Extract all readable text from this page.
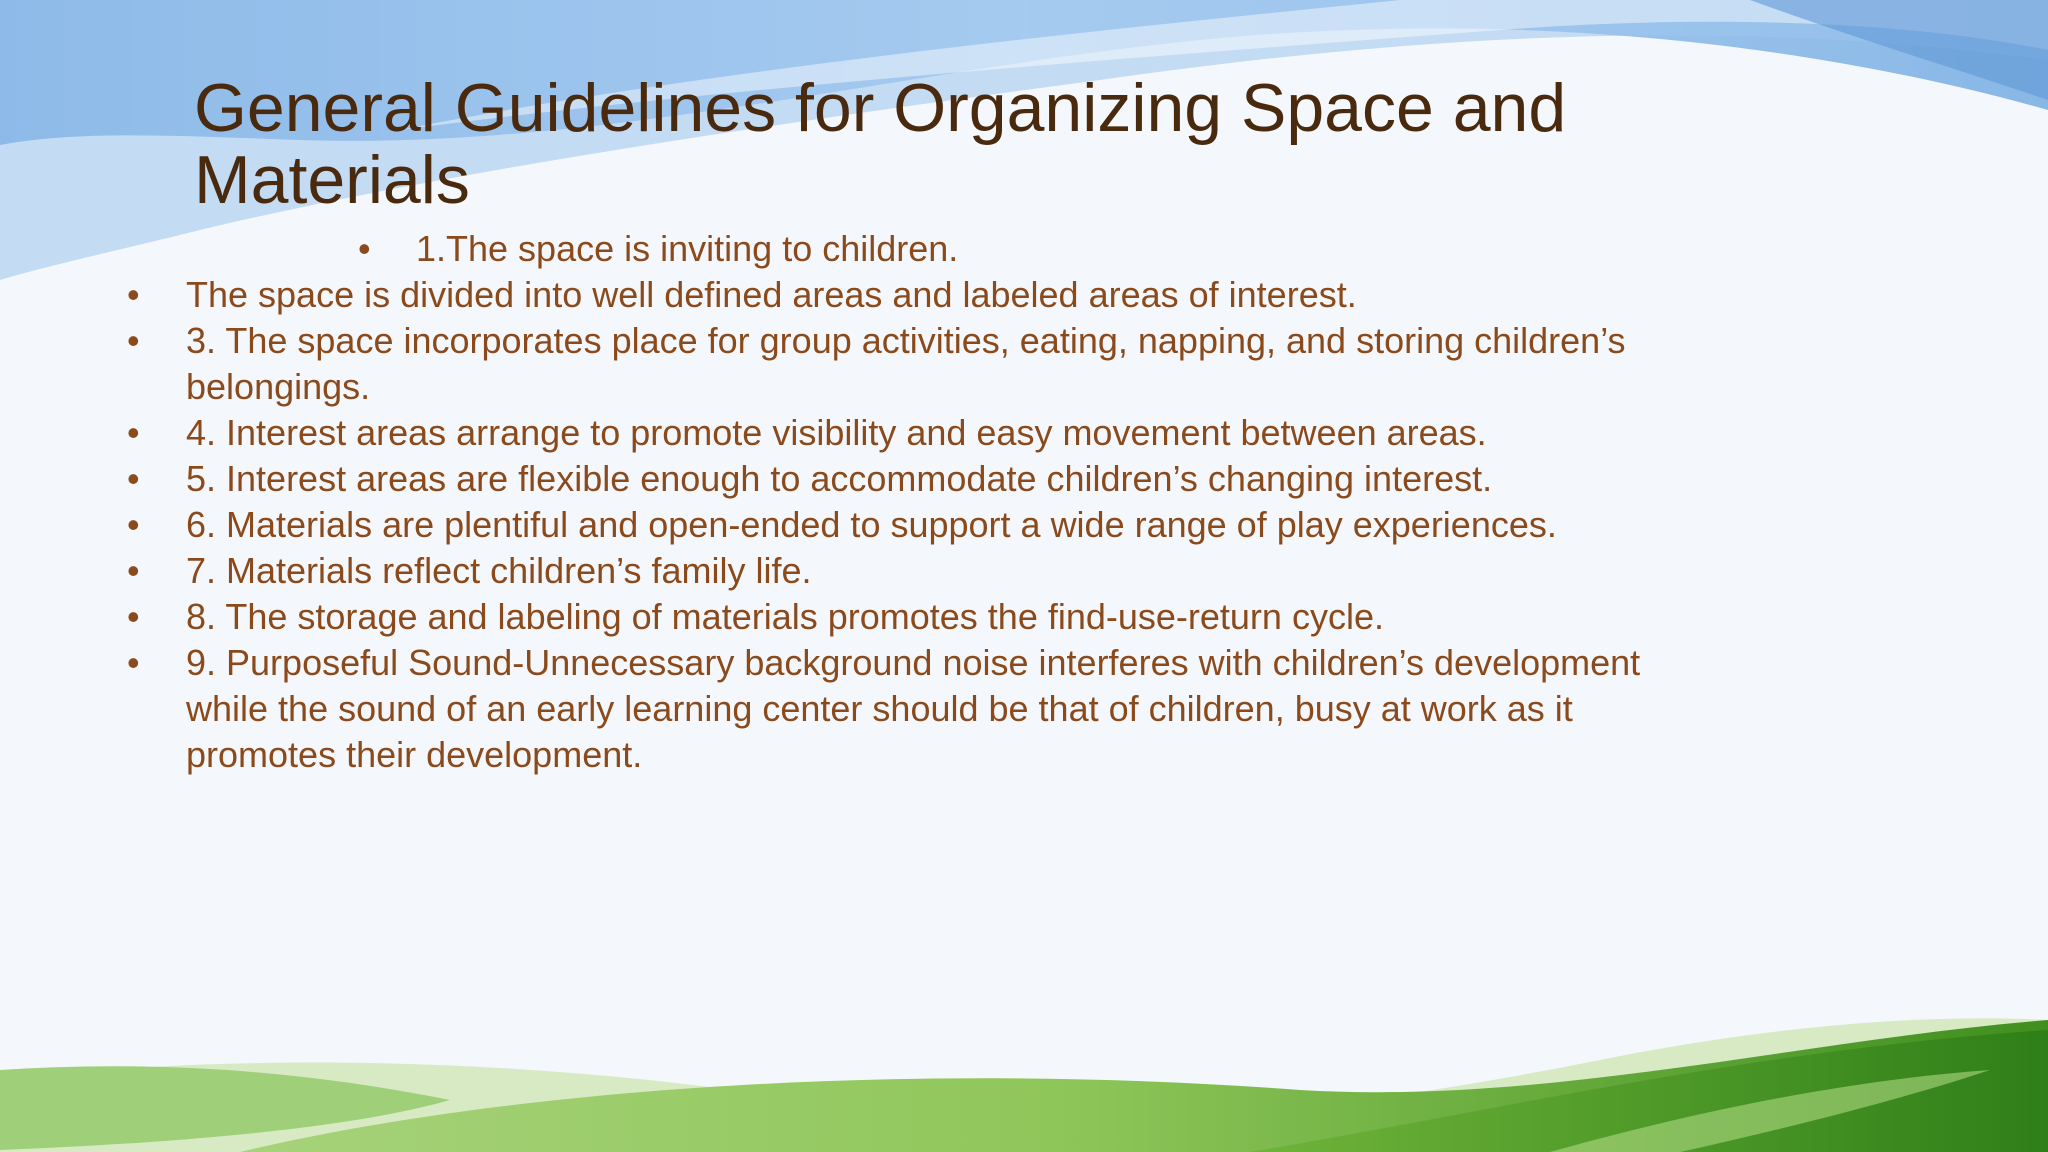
General Guidelines for Organizing Space and Materials
• 1.The space is inviting to children.
• The space is divided into well defined areas and labeled areas of interest.
• 3. The space incorporates place for group activities, eating, napping, and storing children’s belongings.
• 4. Interest areas arrange to promote visibility and easy movement between areas.
• 5. Interest areas are flexible enough to accommodate children’s changing interest.
• 6. Materials are plentiful and open-ended to support a wide range of play experiences.
• 7. Materials reflect children’s family life.
• 8. The storage and labeling of materials promotes the find-use-return cycle.
• 9. Purposeful Sound-Unnecessary background noise interferes with children’s development while the sound of an early learning center should be that of children, busy at work as it promotes their development.
